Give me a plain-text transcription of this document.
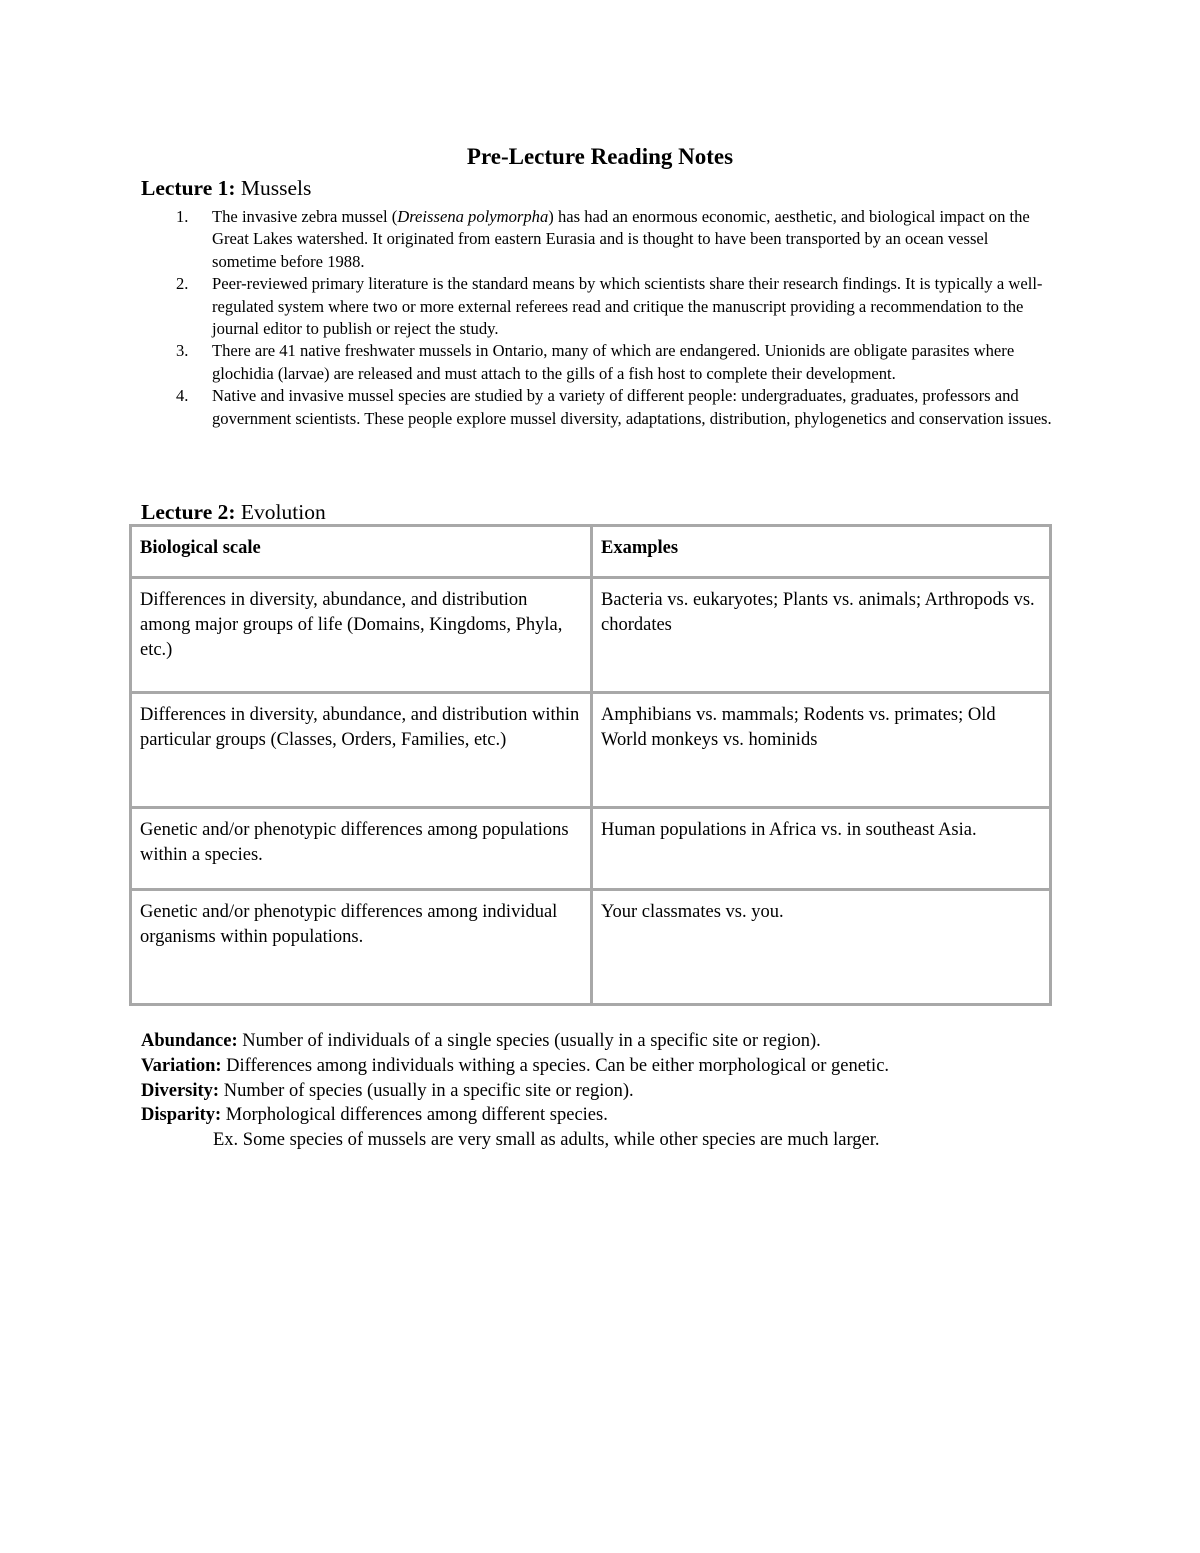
Pre-Lecture Reading Notes
Lecture 1: Mussels
1. The invasive zebra mussel (Dreissena polymorpha) has had an enormous economic, aesthetic, and biological impact on the Great Lakes watershed. It originated from eastern Eurasia and is thought to have been transported by an ocean vessel sometime before 1988.
2. Peer-reviewed primary literature is the standard means by which scientists share their research findings. It is typically a well-regulated system where two or more external referees read and critique the manuscript providing a recommendation to the journal editor to publish or reject the study.
3. There are 41 native freshwater mussels in Ontario, many of which are endangered. Unionids are obligate parasites where glochidia (larvae) are released and must attach to the gills of a fish host to complete their development.
4. Native and invasive mussel species are studied by a variety of different people: undergraduates, graduates, professors and government scientists. These people explore mussel diversity, adaptations, distribution, phylogenetics and conservation issues.
Lecture 2: Evolution
Biological scale	Examples
Differences in diversity, abundance, and distribution among major groups of life (Domains, Kingdoms, Phyla, etc.)	Bacteria vs. eukaryotes; Plants vs. animals; Arthropods vs. chordates
Differences in diversity, abundance, and distribution within particular groups (Classes, Orders, Families, etc.)	Amphibians vs. mammals; Rodents vs. primates; Old World monkeys vs. hominids
Genetic and/or phenotypic differences among populations within a species.	Human populations in Africa vs. in southeast Asia.
Genetic and/or phenotypic differences among individual organisms within populations.	Your classmates vs. you.
Abundance: Number of individuals of a single species (usually in a specific site or region).
Variation: Differences among individuals withing a species. Can be either morphological or genetic.
Diversity: Number of species (usually in a specific site or region).
Disparity: Morphological differences among different species.
Ex. Some species of mussels are very small as adults, while other species are much larger.
